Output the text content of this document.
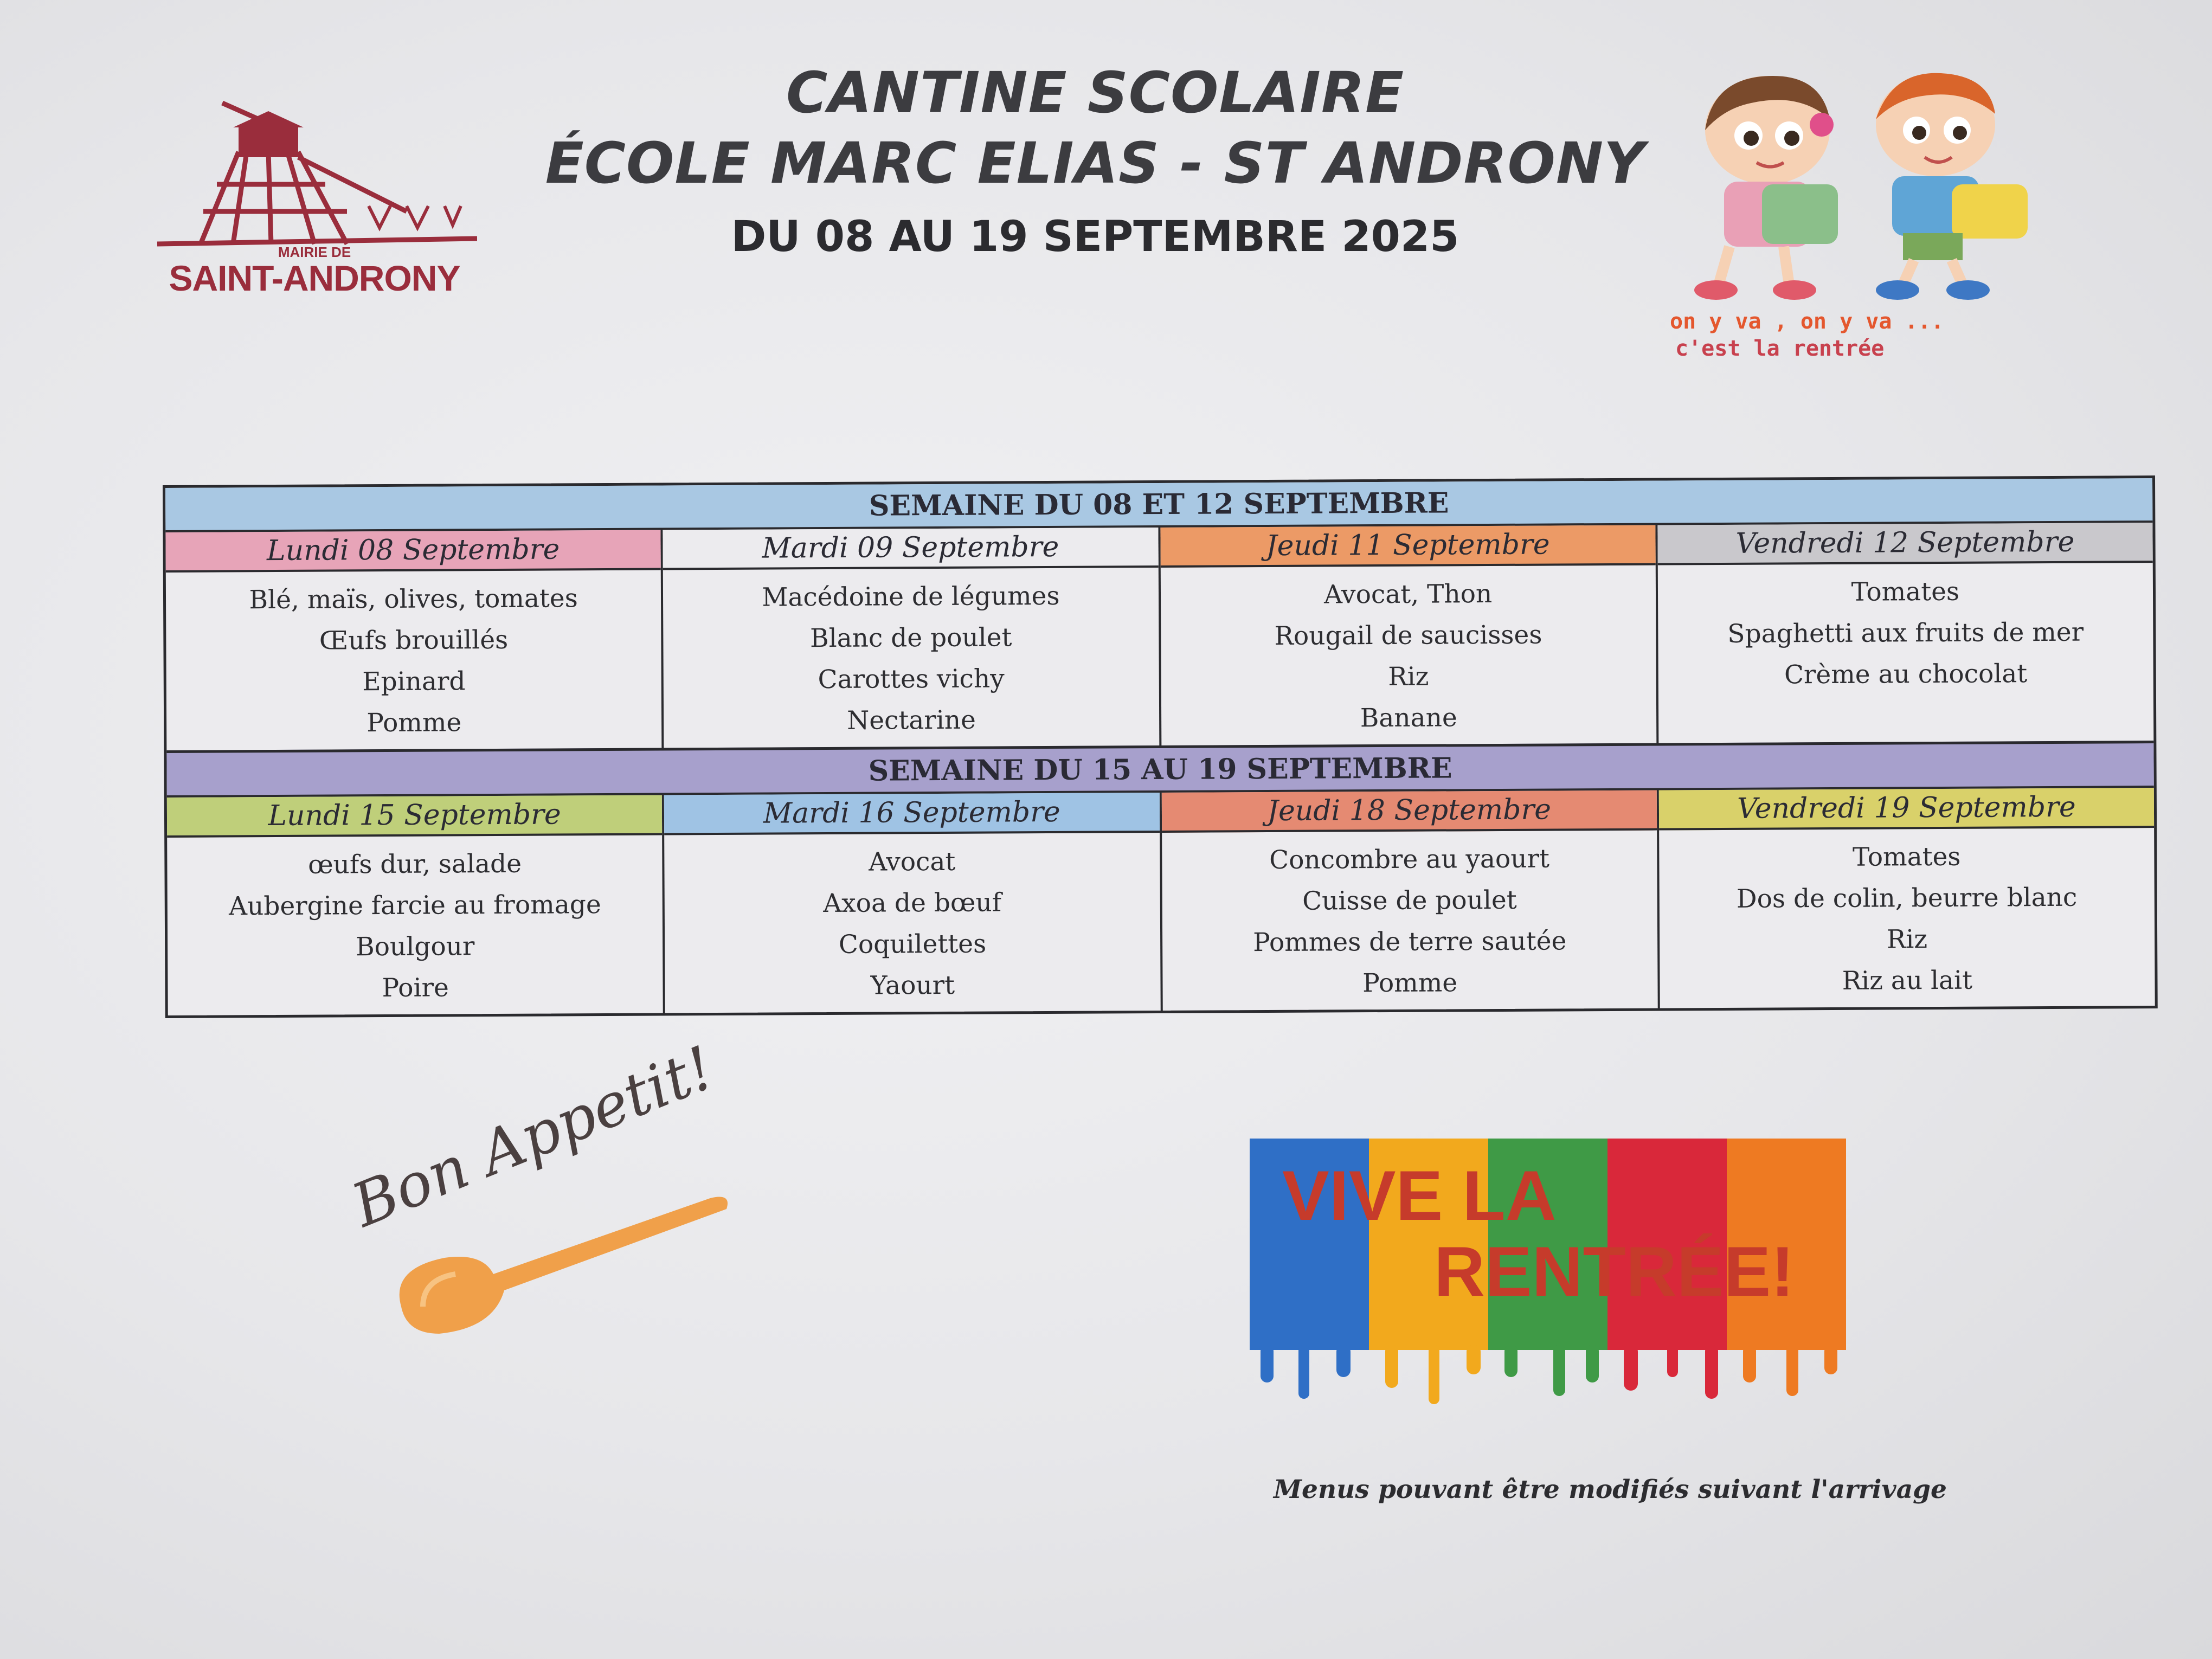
CANTINE SCOLAIRE
ÉCOLE MARC ELIAS - ST ANDRONY
DU 08 AU 19 SEPTEMBRE 2025
MAIRIE DE
SAINT-ANDRONY
on y va , on y va ...
c'est la rentrée
SEMAINE DU 08 ET 12 SEPTEMBRE
Lundi 08 Septembre
Blé, maïs, olives, tomates
Œufs brouillés
Epinard
Pomme
Mardi 09 Septembre
Macédoine de légumes
Blanc de poulet
Carottes vichy
Nectarine
Jeudi 11 Septembre
Avocat, Thon
Rougail de saucisses
Riz
Banane
Vendredi 12 Septembre
Tomates
Spaghetti aux fruits de mer
Crème au chocolat
SEMAINE DU 15 AU 19 SEPTEMBRE
Lundi 15 Septembre
œufs dur, salade
Aubergine farcie au fromage
Boulgour
Poire
Mardi 16 Septembre
Avocat
Axoa de bœuf
Coquilettes
Yaourt
Jeudi 18 Septembre
Concombre au yaourt
Cuisse de poulet
Pommes de terre sautée
Pomme
Vendredi 19 Septembre
Tomates
Dos de colin, beurre blanc
Riz
Riz au lait
Bon Appetit!	VIVE LA
RENTRÉE!
Menus pouvant être modifiés suivant l'arrivage
